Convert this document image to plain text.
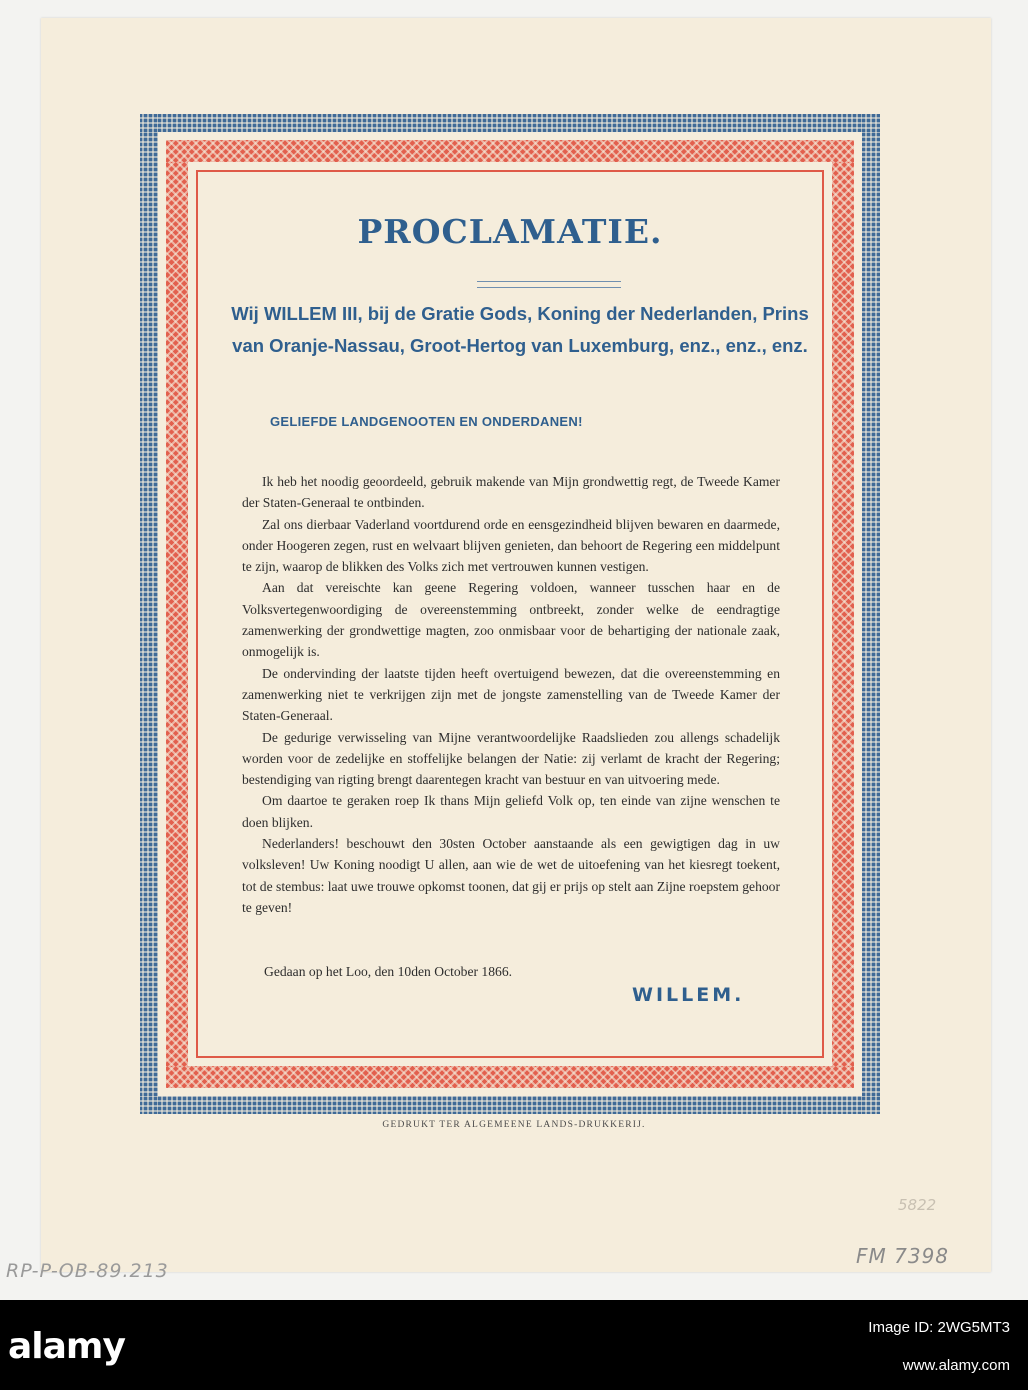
PROCLAMATIE.
Wij WILLEM III, bij de Gratie Gods, Koning der Nederlanden, Prins van Oranje-Nassau, Groot-Hertog van Luxemburg, enz., enz., enz.
GELIEFDE LANDGENOOTEN EN ONDERDANEN!

Ik heb het noodig geoordeeld, gebruik makende van Mijn grondwettig regt, de Tweede Kamer der Staten-Generaal te ontbinden.

Zal ons dierbaar Vaderland voortdurend orde en eensgezindheid blijven bewaren en daarmede, onder Hoogeren zegen, rust en welvaart blijven genieten, dan behoort de Regering een middelpunt te zijn, waarop de blikken des Volks zich met vertrouwen kunnen vestigen.

Aan dat vereischte kan geene Regering voldoen, wanneer tusschen haar en de Volksvertegenwoordiging de overeenstemming ontbreekt, zonder welke de eendragtige zamenwerking der grondwettige magten, zoo onmisbaar voor de behartiging der nationale zaak, onmogelijk is.

De ondervinding der laatste tijden heeft overtuigend bewezen, dat die overeenstemming en zamenwerking niet te verkrijgen zijn met de jongste zamenstelling van de Tweede Kamer der Staten-Generaal.

De gedurige verwisseling van Mijne verantwoordelijke Raadslieden zou allengs schadelijk worden voor de zedelijke en stoffelijke belangen der Natie: zij verlamt de kracht der Regering; bestendiging van rigting brengt daarentegen kracht van bestuur en van uitvoering mede.

Om daartoe te geraken roep Ik thans Mijn geliefd Volk op, ten einde van zijne wenschen te doen blijken.

Nederlanders! beschouwt den 30sten October aanstaande als een gewigtigen dag in uw volksleven! Uw Koning noodigt U allen, aan wie de wet de uitoefening van het kiesregt toekent, tot de stembus: laat uwe trouwe opkomst toonen, dat gij er prijs op stelt aan Zijne roepstem gehoor te geven!

Gedaan op het Loo, den 10den October 1866.
WILLEM.
GEDRUKT TER ALGEMEENE LANDS-DRUKKERIJ.
RP-P-OB-89.213
FM 7398
5822
alamy	Image ID: 2WG5MT3
www.alamy.com
